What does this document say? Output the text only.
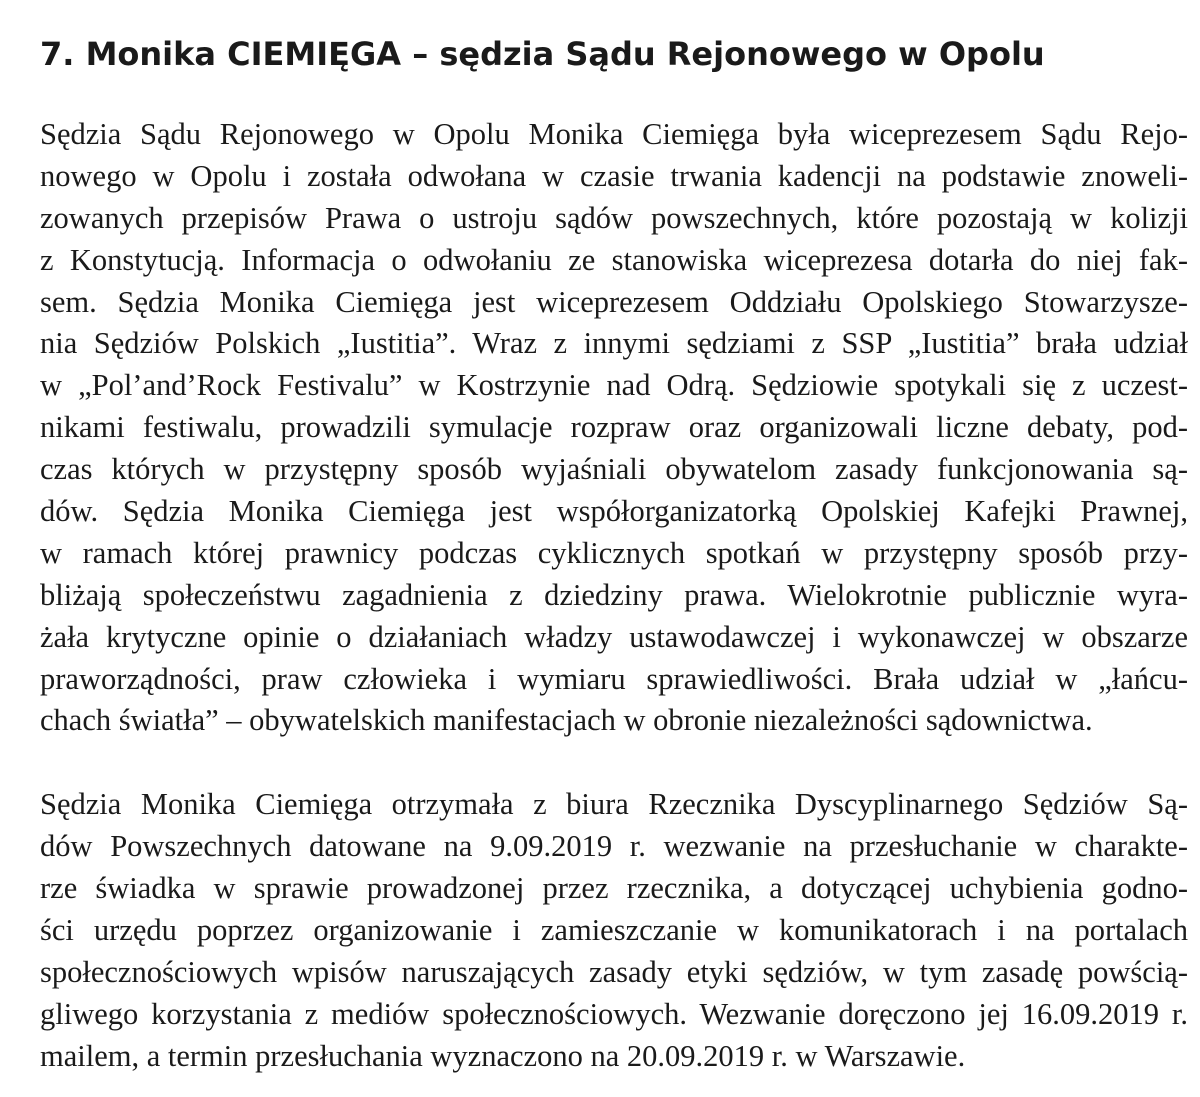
7. Monika CIEMIĘGA – sędzia Sądu Rejonowego w Opolu
Sędzia Sądu Rejonowego w Opolu Monika Ciemięga była wiceprezesem Sądu Rejo-
nowego w Opolu i została odwołana w czasie trwania kadencji na podstawie znoweli-
zowanych przepisów Prawa o ustroju sądów powszechnych, które pozostają w kolizji
z Konstytucją. Informacja o odwołaniu ze stanowiska wiceprezesa dotarła do niej fak-
sem. Sędzia Monika Ciemięga jest wiceprezesem Oddziału Opolskiego Stowarzysze-
nia Sędziów Polskich „Iustitia”. Wraz z innymi sędziami z SSP „Iustitia” brała udział
w „Pol’and’Rock Festivalu” w Kostrzynie nad Odrą. Sędziowie spotykali się z uczest-
nikami festiwalu, prowadzili symulacje rozpraw oraz organizowali liczne debaty, pod-
czas których w przystępny sposób wyjaśniali obywatelom zasady funkcjonowania są-
dów. Sędzia Monika Ciemięga jest współorganizatorką Opolskiej Kafejki Prawnej,
w ramach której prawnicy podczas cyklicznych spotkań w przystępny sposób przy-
bliżają społeczeństwu zagadnienia z dziedziny prawa. Wielokrotnie publicznie wyra-
żała krytyczne opinie o działaniach władzy ustawodawczej i wykonawczej w obszarze
praworządności, praw człowieka i wymiaru sprawiedliwości. Brała udział w „łańcu-
chach światła” – obywatelskich manifestacjach w obronie niezależności sądownictwa.
Sędzia Monika Ciemięga otrzymała z biura Rzecznika Dyscyplinarnego Sędziów Są-
dów Powszechnych datowane na 9.09.2019 r. wezwanie na przesłuchanie w charakte-
rze świadka w sprawie prowadzonej przez rzecznika, a dotyczącej uchybienia godno-
ści urzędu poprzez organizowanie i zamieszczanie w komunikatorach i na portalach
społecznościowych wpisów naruszających zasady etyki sędziów, w tym zasadę powścią-
gliwego korzystania z mediów społecznościowych. Wezwanie doręczono jej 16.09.2019 r.
mailem, a termin przesłuchania wyznaczono na 20.09.2019 r. w Warszawie.
